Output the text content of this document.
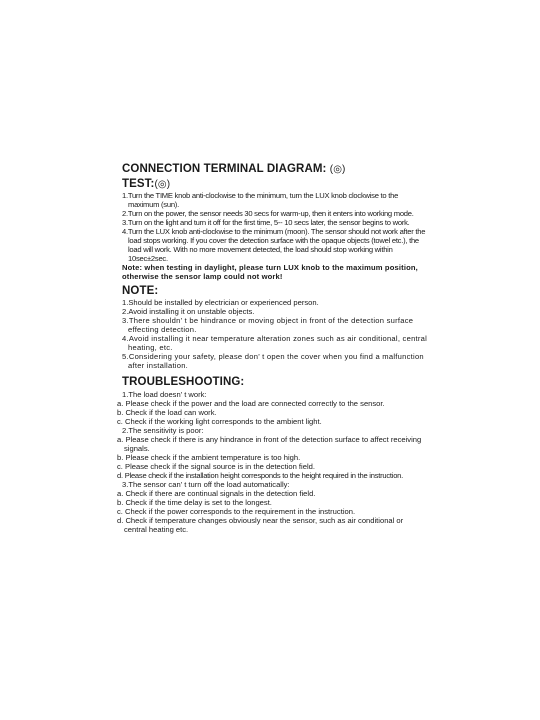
CONNECTION TERMINAL DIAGRAM: (◎)
TEST:(◎)

1.Turn the TIME knob anti-clockwise to the minimum, turn the LUX knob clockwise to the maximum (sun).

2.Turn on the power, the sensor needs 30 secs for warm-up, then it enters into working mode.

3.Turn on the light and turn it off for the first time, 5-- 10 secs later, the sensor begins to work.

4.Turn the LUX knob anti-clockwise to the minimum (moon). The sensor should not work after the load stops working. If you cover the detection surface with the opaque objects (towel etc.), the load will work. With no more movement detected, the load should stop working within 10sec±2sec.

Note: when testing in daylight, please turn LUX knob to the maximum position, otherwise the sensor lamp could not work!

NOTE:

1.Should be installed by electrician or experienced person.

2.Avoid installing it on unstable objects.

3.There shouldn’ t be hindrance or moving object in front of the detection surface effecting detection.

4.Avoid installing it near temperature alteration zones such as air conditional, central heating, etc.

5.Considering your safety, please don’ t open the cover when you find a malfunction after installation.

TROUBLESHOOTING:

1.The load doesn’ t work:

a. Please check if the power and the load are connected correctly to the sensor.

b. Check if the load can work.

c. Check if the working light corresponds to the ambient light.

2.The sensitivity is poor:

a. Please check if there is any hindrance in front of the detection surface to affect receiving signals.

b. Please check if the ambient temperature is too high.

c. Please check if the signal source is in the detection field.

d. Please check if the installation height corresponds to the height required in the instruction.

3.The sensor can’ t turn off the load automatically:

a. Check if there are continual signals in the detection field.

b. Check if the time delay is set to the longest.

c. Check if the power corresponds to the requirement in the instruction.

d. Check if temperature changes obviously near the sensor, such as air conditional or central heating etc.
